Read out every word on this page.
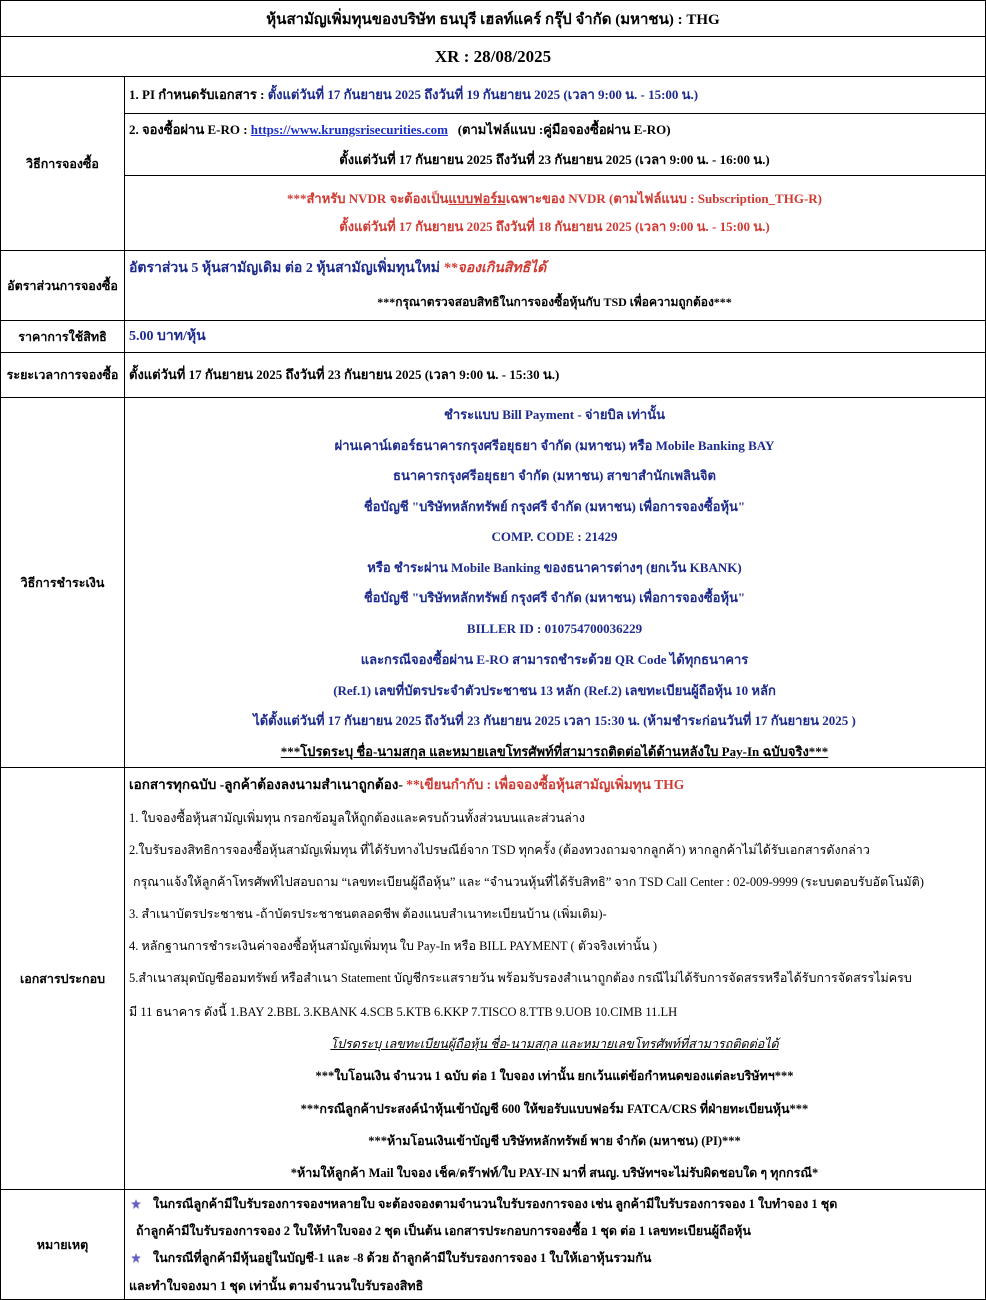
หุ้นสามัญเพิ่มทุนของบริษัท ธนบุรี เฮลท์แคร์ กรุ๊ป จำกัด (มหาชน) : THG
XR : 28/08/2025
วิธีการจองซื้อ
1. PI กำหนดรับเอกสาร : ตั้งแต่วันที่ 17 กันยายน 2025 ถึงวันที่ 19 กันยายน 2025 (เวลา 9:00 น. - 15:00 น.)
2. จองซื้อผ่าน E-RO : https://www.krungsrisecurities.com (ตามไฟล์แนบ :คู่มือจองซื้อผ่าน E-RO)
ตั้งแต่วันที่ 17 กันยายน 2025 ถึงวันที่ 23 กันยายน 2025 (เวลา 9:00 น. - 16:00 น.)
***สำหรับ NVDR จะต้องเป็นแบบฟอร์มเฉพาะของ NVDR (ตามไฟล์แนบ : Subscription_THG-R)
ตั้งแต่วันที่ 17 กันยายน 2025 ถึงวันที่ 18 กันยายน 2025 (เวลา 9:00 น. - 15:00 น.)
อัตราส่วนการจองซื้อ
อัตราส่วน 5 หุ้นสามัญเดิม ต่อ 2 หุ้นสามัญเพิ่มทุนใหม่ **จองเกินสิทธิได้
***กรุณาตรวจสอบสิทธิในการจองซื้อหุ้นกับ TSD เพื่อความถูกต้อง***
ราคาการใช้สิทธิ	5.00 บาท/หุ้น
ระยะเวลาการจองซื้อ ตั้งแต่วันที่ 17 กันยายน 2025 ถึงวันที่ 23 กันยายน 2025 (เวลา 9:00 น. - 15:30 น.)
วิธีการชำระเงิน
ชำระแบบ Bill Payment - จ่ายบิล เท่านั้น
ผ่านเคาน์เตอร์ธนาคารกรุงศรีอยุธยา จำกัด (มหาชน) หรือ Mobile Banking BAY
ธนาคารกรุงศรีอยุธยา จำกัด (มหาชน) สาขาสำนักเพลินจิต
ชื่อบัญชี "บริษัทหลักทรัพย์ กรุงศรี จำกัด (มหาชน) เพื่อการจองซื้อหุ้น"
COMP. CODE : 21429
หรือ ชำระผ่าน Mobile Banking ของธนาคารต่างๆ (ยกเว้น KBANK)
ชื่อบัญชี "บริษัทหลักทรัพย์ กรุงศรี จำกัด (มหาชน) เพื่อการจองซื้อหุ้น"
BILLER ID : 010754700036229
และกรณีจองซื้อผ่าน E-RO สามารถชำระด้วย QR Code ได้ทุกธนาคาร
(Ref.1) เลขที่บัตรประจำตัวประชาชน 13 หลัก (Ref.2) เลขทะเบียนผู้ถือหุ้น 10 หลัก
ได้ตั้งแต่วันที่ 17 กันยายน 2025 ถึงวันที่ 23 กันยายน 2025 เวลา 15:30 น. (ห้ามชำระก่อนวันที่ 17 กันยายน 2025 )
***โปรดระบุ ชื่อ-นามสกุล และหมายเลขโทรศัพท์ที่สามารถติดต่อได้ด้านหลังใบ Pay-In ฉบับจริง***
เอกสารประกอบ
เอกสารทุกฉบับ -ลูกค้าต้องลงนามสำเนาถูกต้อง- **เขียนกำกับ : เพื่อจองซื้อหุ้นสามัญเพิ่มทุน THG
1. ใบจองซื้อหุ้นสามัญเพิ่มทุน กรอกข้อมูลให้ถูกต้องและครบถ้วนทั้งส่วนบนและส่วนล่าง
2.ใบรับรองสิทธิการจองซื้อหุ้นสามัญเพิ่มทุน ที่ได้รับทางไปรษณีย์จาก TSD ทุกครั้ง (ต้องทวงถามจากลูกค้า) หากลูกค้าไม่ได้รับเอกสารดังกล่าว
กรุณาแจ้งให้ลูกค้าโทรศัพท์ไปสอบถาม “เลขทะเบียนผู้ถือหุ้น” และ “จำนวนหุ้นที่ได้รับสิทธิ” จาก TSD Call Center : 02-009-9999 (ระบบตอบรับอัตโนมัติ)
3. สำเนาบัตรประชาชน -ถ้าบัตรประชาชนตลอดชีพ ต้องแนบสำเนาทะเบียนบ้าน (เพิ่มเติม)-
4. หลักฐานการชำระเงินค่าจองซื้อหุ้นสามัญเพิ่มทุน ใบ Pay-In หรือ BILL PAYMENT ( ตัวจริงเท่านั้น )
5.สำเนาสมุดบัญชีออมทรัพย์ หรือสำเนา Statement บัญชีกระแสรายวัน พร้อมรับรองสำเนาถูกต้อง กรณีไม่ได้รับการจัดสรรหรือได้รับการจัดสรรไม่ครบ
มี 11 ธนาคาร ดังนี้ 1.BAY 2.BBL 3.KBANK 4.SCB 5.KTB 6.KKP 7.TISCO 8.TTB 9.UOB 10.CIMB 11.LH
โปรดระบุ เลขทะเบียนผู้ถือหุ้น ชื่อ-นามสกุล และหมายเลขโทรศัพท์ที่สามารถติดต่อได้
***ใบโอนเงิน จำนวน 1 ฉบับ ต่อ 1 ใบจอง เท่านั้น ยกเว้นแต่ข้อกำหนดของแต่ละบริษัทฯ***
***กรณีลูกค้าประสงค์นำหุ้นเข้าบัญชี 600 ให้ขอรับแบบฟอร์ม FATCA/CRS ที่ฝ่ายทะเบียนหุ้น***
***ห้ามโอนเงินเข้าบัญชี บริษัทหลักทรัพย์ พาย จำกัด (มหาชน) (PI)***
*ห้ามให้ลูกค้า Mail ใบจอง เช็ค/ดร๊าฟท์/ใบ PAY-IN มาที่ สนญ. บริษัทฯจะไม่รับผิดชอบใด ๆ ทุกกรณี*
หมายเหตุ
ในกรณีลูกค้ามีใบรับรองการจองฯหลายใบ จะต้องจองตามจำนวนใบรับรองการจอง เช่น ลูกค้ามีใบรับรองการจอง 1 ใบทำจอง 1 ชุด
ถ้าลูกค้ามีใบรับรองการจอง 2 ใบให้ทำใบจอง 2 ชุด เป็นต้น เอกสารประกอบการจองซื้อ 1 ชุด ต่อ 1 เลขทะเบียนผู้ถือหุ้น
ในกรณีที่ลูกค้ามีหุ้นอยู่ในบัญชี-1 และ -8 ด้วย ถ้าลูกค้ามีใบรับรองการจอง 1 ใบให้เอาหุ้นรวมกัน
และทำใบจองมา 1 ชุด เท่านั้น ตามจำนวนใบรับรองสิทธิ
